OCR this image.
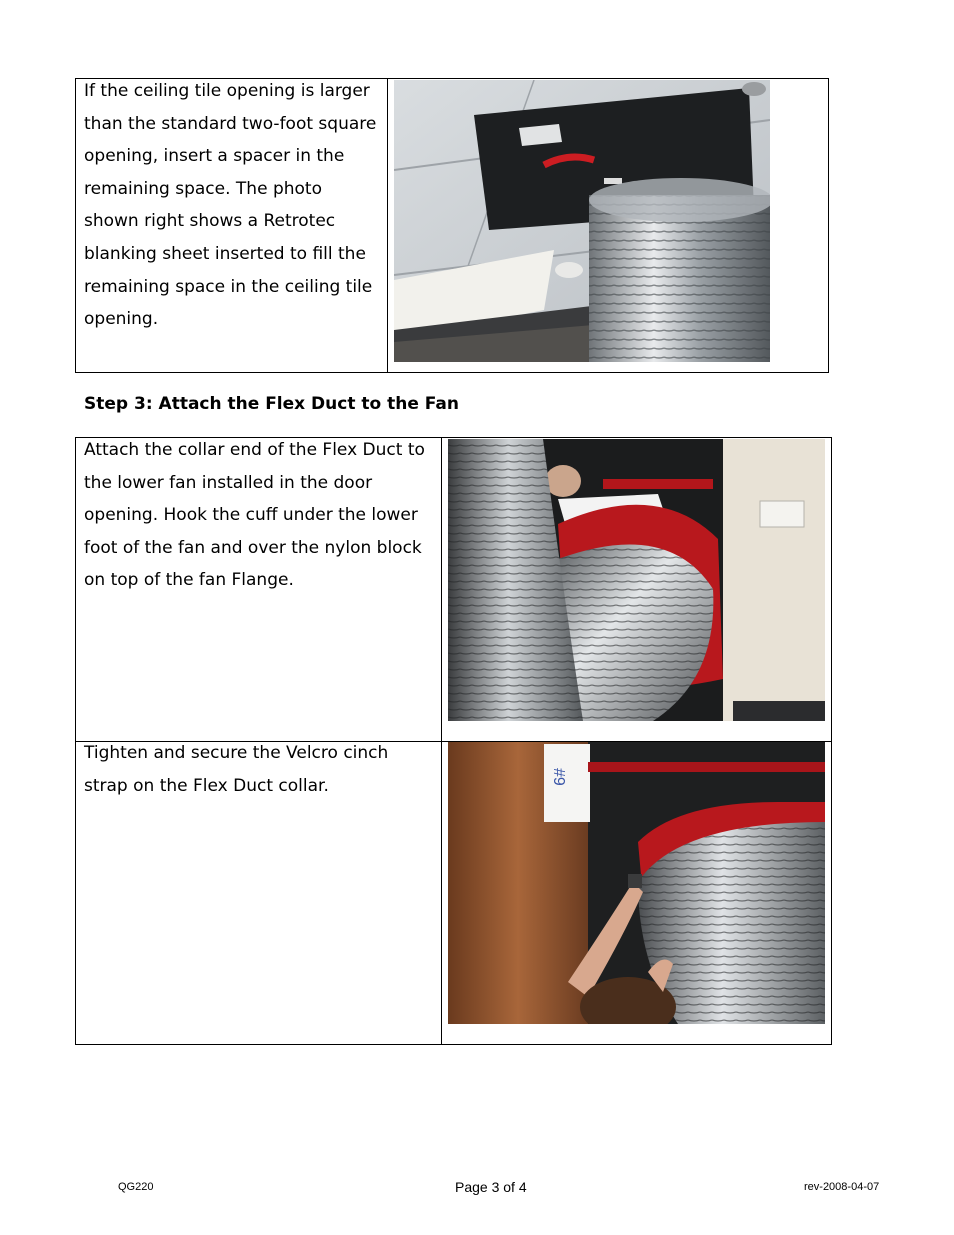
If the ceiling tile opening is larger than the standard two-foot square opening, insert a spacer in the remaining space. The photo shown right shows a Retrotec blanking sheet inserted to fill the remaining space in the ceiling tile opening.
Step 3: Attach the Flex Duct to the Fan
Attach the collar end of the Flex Duct to the lower fan installed in the door opening. Hook the cuff under the lower foot of the fan and over the nylon block on top of the fan Flange.
Tighten and secure the Velcro cinch strap on the Flex Duct collar.	#9
QG220	Page 3 of 4	rev-2008-04-07
